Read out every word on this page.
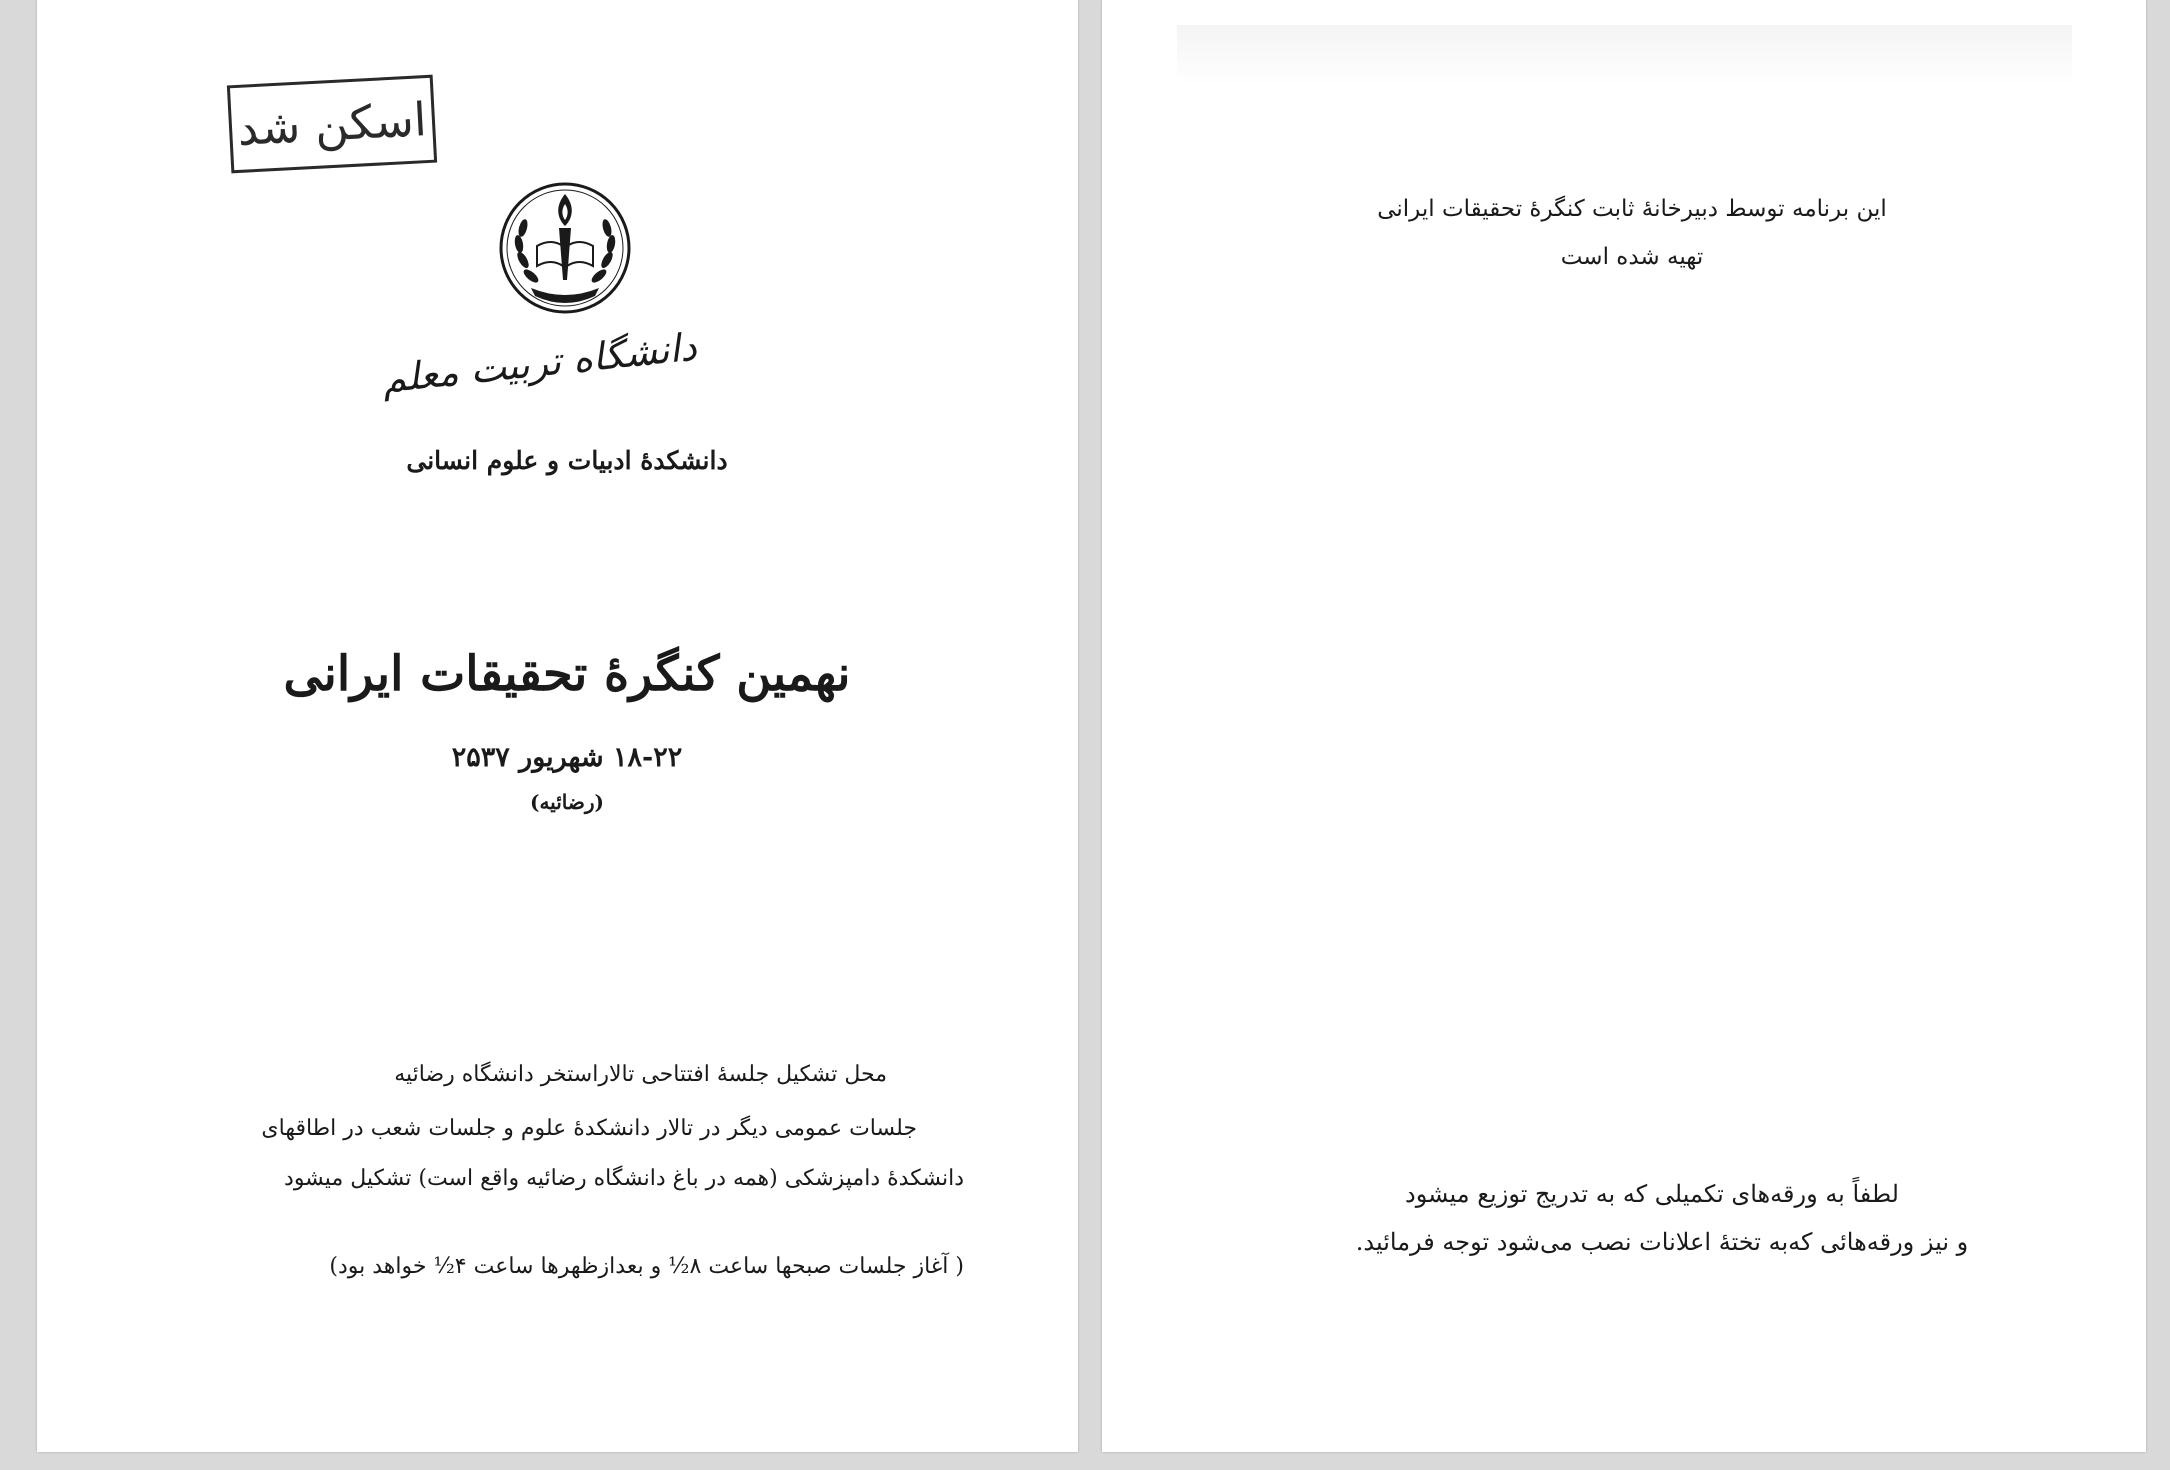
اسکن شد
دانشگاه تربیت معلم
دانشکدهٔ ادبیات و علوم انسانی
نهمین کنگرهٔ تحقیقات ایرانی
۱۸-۲۲ شهریور ۲۵۳۷
(رضائیه)
محل تشکیل جلسهٔ افتتاحی تالاراستخر دانشگاه رضائیه
جلسات عمومی دیگر در تالار دانشکدهٔ علوم و جلسات شعب در اطاقهای
دانشکدهٔ دامپزشکی (همه در باغ دانشگاه رضائیه واقع است) تشکیل میشود
( آغاز جلسات صبحها ساعت ۸½ و بعدازظهرها ساعت ۴½ خواهد بود)
این برنامه توسط دبیرخانهٔ ثابت کنگرهٔ تحقیقات ایرانی
تهیه شده است
لطفاً به ورقه‌های تکمیلی که به تدریج توزیع میشود
و نیز ورقه‌هائی که‌به تختهٔ اعلانات نصب می‌شود توجه فرمائید.
